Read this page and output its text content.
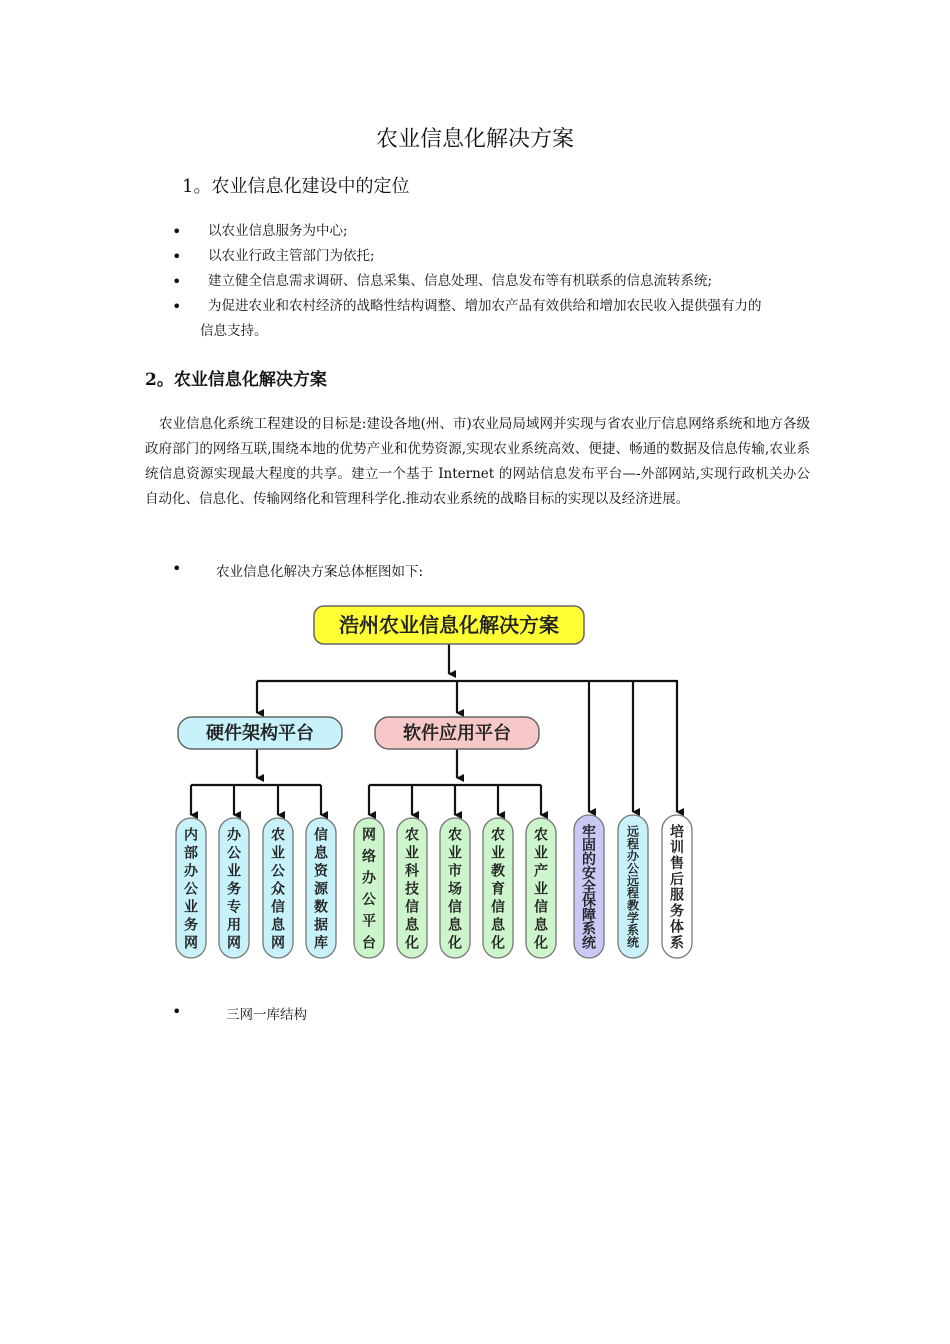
农业信息化解决方案
1。农业信息化建设中的定位
• 以农业信息服务为中心;
• 以农业行政主管部门为依托;
• 建立健全信息需求调研、信息采集、信息处理、信息发布等有机联系的信息流转系统;
• 为促进农业和农村经济的战略性结构调整、增加农产品有效供给和增加农民收入提供强有力的
信息支持。
2。农业信息化解决方案
农业信息化系统工程建设的目标是:建设各地(州、市)农业局局域网并实现与省农业厅信息网络系统和地方各级政府部门的网络互联,围绕本地的优势产业和优势资源,实现农业系统高效、便捷、畅通的数据及信息传输,农业系统信息资源实现最大程度的共享。建立一个基于 Internet 的网站信息发布平台—-外部网站,实现行政机关办公自动化、信息化、传输网络化和管理科学化.推动农业系统的战略目标的实现以及经济进展。
•	农业信息化解决方案总体框图如下:
浩州农业信息化解决方案
硬件架构平台	软件应用平台
内
部
办
公
业
务
网
办
公
业
务
专
用
网
农
业
公
众
信
息
网
信
息
资
源
数
据
库
网
络
办
公
平
台
农
业
科
技
信
息
化
农
业
市
场
信
息
化
农
业
教
育
信
息
化
农
业
产
业
信
息
化
牢
固
的
安
全
保
障
系
统
远
程
办
公
远
程
教
学
系
统
培
训
售
后
服
务
体
系
•	三网一库结构
